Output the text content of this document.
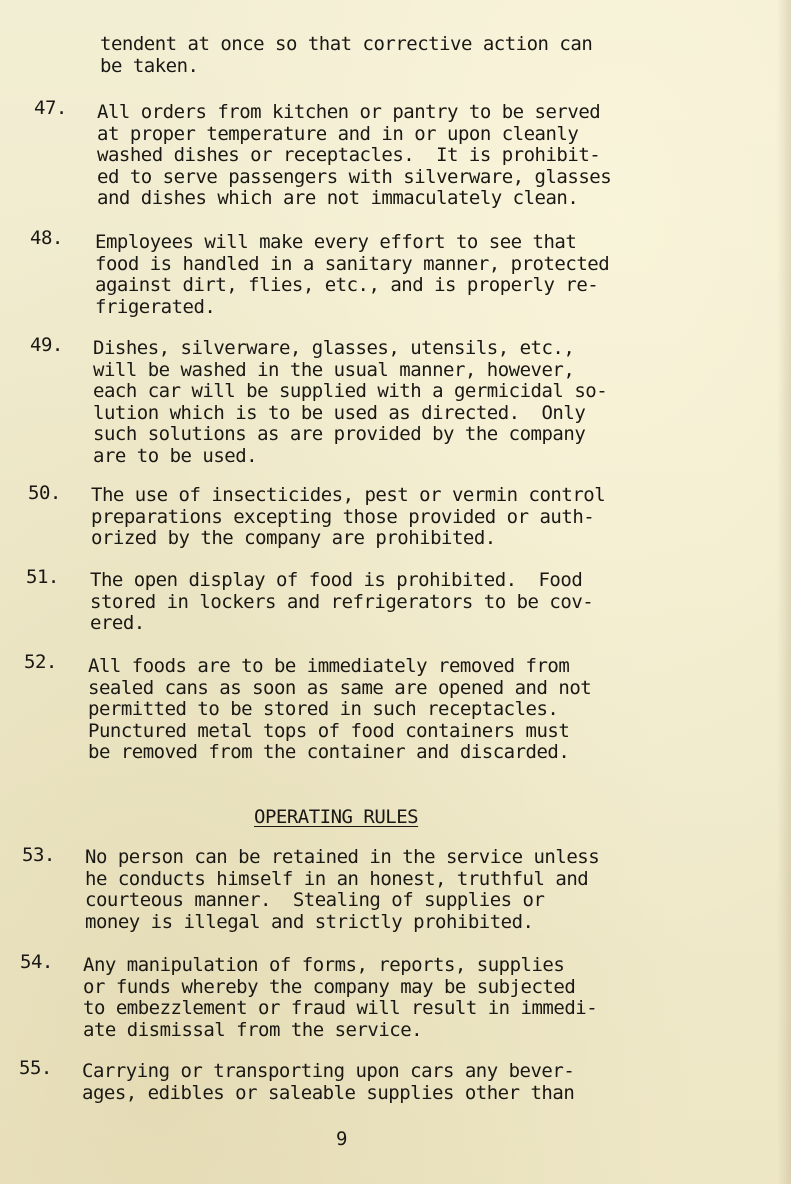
tendent at once so that corrective action can
be taken.
47. All orders from kitchen or pantry to be served
at proper temperature and in or upon cleanly
washed dishes or receptacles.  It is prohibit-
ed to serve passengers with silverware, glasses
and dishes which are not immaculately clean.
48. Employees will make every effort to see that
food is handled in a sanitary manner, protected
against dirt, flies, etc., and is properly re-
frigerated.
49. Dishes, silverware, glasses, utensils, etc.,
will be washed in the usual manner, however,
each car will be supplied with a germicidal so-
lution which is to be used as directed.  Only
such solutions as are provided by the company
are to be used.
50. The use of insecticides, pest or vermin control
preparations excepting those provided or auth-
orized by the company are prohibited.
51. The open display of food is prohibited.  Food
stored in lockers and refrigerators to be cov-
ered.
52. All foods are to be immediately removed from
sealed cans as soon as same are opened and not
permitted to be stored in such receptacles.
Punctured metal tops of food containers must
be removed from the container and discarded.
OPERATING RULES
53. No person can be retained in the service unless
he conducts himself in an honest, truthful and
courteous manner.  Stealing of supplies or
money is illegal and strictly prohibited.
54. Any manipulation of forms, reports, supplies
or funds whereby the company may be subjected
to embezzlement or fraud will result in immedi-
ate dismissal from the service.
55. Carrying or transporting upon cars any bever-
ages, edibles or saleable supplies other than
9
